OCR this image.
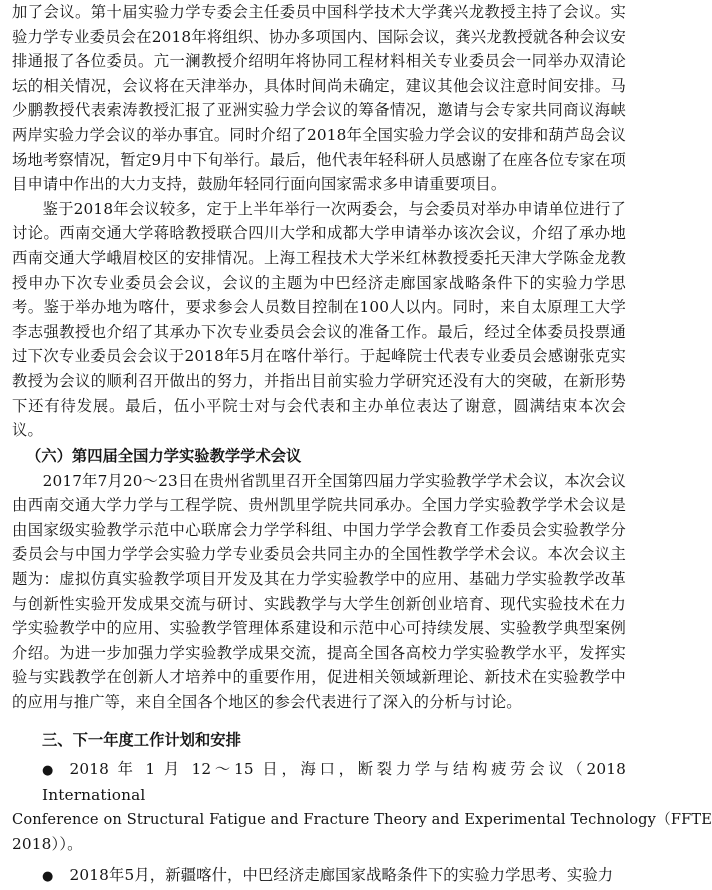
加了会议。第十届实验力学专委会主任委员中国科学技术大学龚兴龙教授主持了会议。实验力学专业委员会在2018年将组织、协办多项国内、国际会议，龚兴龙教授就各种会议安排通报了各位委员。亢一澜教授介绍明年将协同工程材料相关专业委员会一同举办双清论坛的相关情况，会议将在天津举办，具体时间尚未确定，建议其他会议注意时间安排。马少鹏教授代表索涛教授汇报了亚洲实验力学会议的筹备情况，邀请与会专家共同商议海峡两岸实验力学会议的举办事宜。同时介绍了2018年全国实验力学会议的安排和葫芦岛会议场地考察情况，暂定9月中下旬举行。最后，他代表年轻科研人员感谢了在座各位专家在项目申请中作出的大力支持，鼓励年轻同行面向国家需求多申请重要项目。

鉴于2018年会议较多，定于上半年举行一次两委会，与会委员对举办申请单位进行了讨论。西南交通大学蒋晗教授联合四川大学和成都大学申请举办该次会议，介绍了承办地西南交通大学峨眉校区的安排情况。上海工程技术大学米红林教授委托天津大学陈金龙教授申办下次专业委员会会议，会议的主题为中巴经济走廊国家战略条件下的实验力学思考。鉴于举办地为喀什，要求参会人员数目控制在100人以内。同时，来自太原理工大学李志强教授也介绍了其承办下次专业委员会会议的准备工作。最后，经过全体委员投票通过下次专业委员会会议于2018年5月在喀什举行。于起峰院士代表专业委员会感谢张克实教授为会议的顺利召开做出的努力，并指出目前实验力学研究还没有大的突破，在新形势下还有待发展。最后，伍小平院士对与会代表和主办单位表达了谢意，圆满结束本次会议。

（六）第四届全国力学实验教学学术会议

2017年7月20～23日在贵州省凯里召开全国第四届力学实验教学学术会议，本次会议由西南交通大学力学与工程学院、贵州凯里学院共同承办。全国力学实验教学学术会议是由国家级实验教学示范中心联席会力学学科组、中国力学学会教育工作委员会实验教学分委员会与中国力学学会实验力学专业委员会共同主办的全国性教学学术会议。本次会议主题为：虚拟仿真实验教学项目开发及其在力学实验教学中的应用、基础力学实验教学改革与创新性实验开发成果交流与研讨、实践教学与大学生创新创业培育、现代实验技术在力学实验教学中的应用、实验教学管理体系建设和示范中心可持续发展、实验教学典型案例介绍。为进一步加强力学实验教学成果交流，提高全国各高校力学实验教学水平，发挥实验与实践教学在创新人才培养中的重要作用，促进相关领域新理论、新技术在实验教学中的应用与推广等，来自全国各个地区的参会代表进行了深入的分析与讨论。

三、下一年度工作计划和安排

● 2018 年 1 月 12～15 日，海口，断裂力学与结构疲劳会议（2018 International
Conference on Structural Fatigue and Fracture Theory and Experimental Technology（FFTE
2018））。
● 2018年5月，新疆喀什，中巴经济走廊国家战略条件下的实验力学思考、实验力
